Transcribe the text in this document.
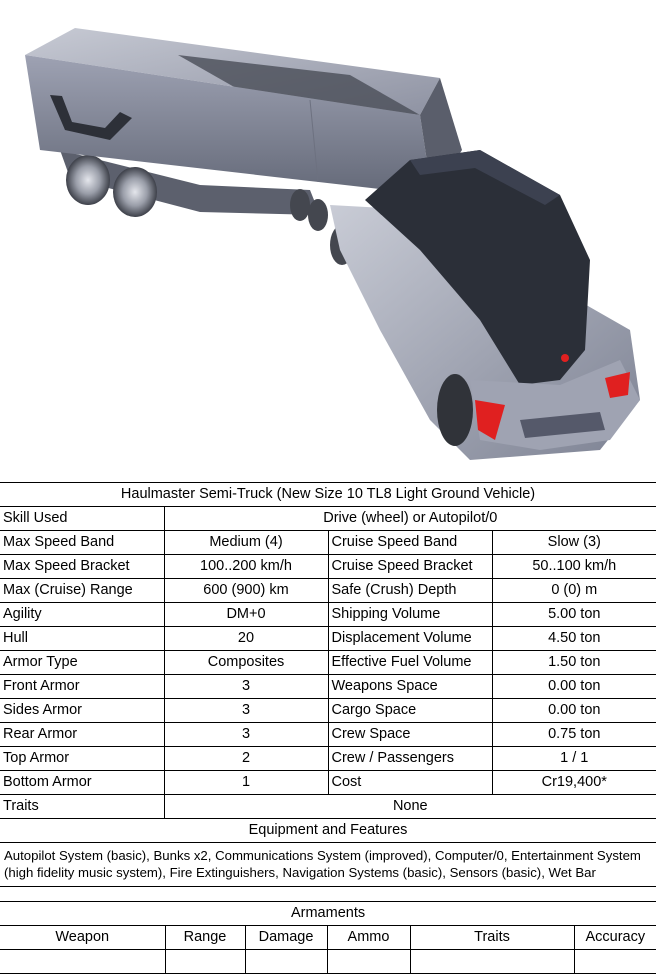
Haulmaster Semi-Truck (New Size 10 TL8 Light Ground Vehicle)			
Skill Used	Drive (wheel) or Autopilot/0		
Max Speed Band	Medium (4)	Cruise Speed Band	Slow (3)
Max Speed Bracket	100..200 km/h	Cruise Speed Bracket	50..100 km/h
Max (Cruise) Range	600 (900) km	Safe (Crush) Depth	0 (0) m
Agility	DM+0	Shipping Volume	5.00 ton
Hull	20	Displacement Volume	4.50 ton
Armor Type	Composites	Effective Fuel Volume	1.50 ton
Front Armor	3	Weapons Space	0.00 ton
Sides Armor	3	Cargo Space	0.00 ton
Rear Armor	3	Crew Space	0.75 ton
Top Armor	2	Crew / Passengers	1 / 1
Bottom Armor	1	Cost	Cr19,400*
Traits	None		
Equipment and Features
Autopilot System (basic), Bunks x2, Communications System (improved), Computer/0, Entertainment System (high fidelity music system), Fire Extinguishers, Navigation Systems (basic), Sensors (basic), Wet Bar
Armaments					
Weapon	Range	Damage	Ammo	Traits	Accuracy
